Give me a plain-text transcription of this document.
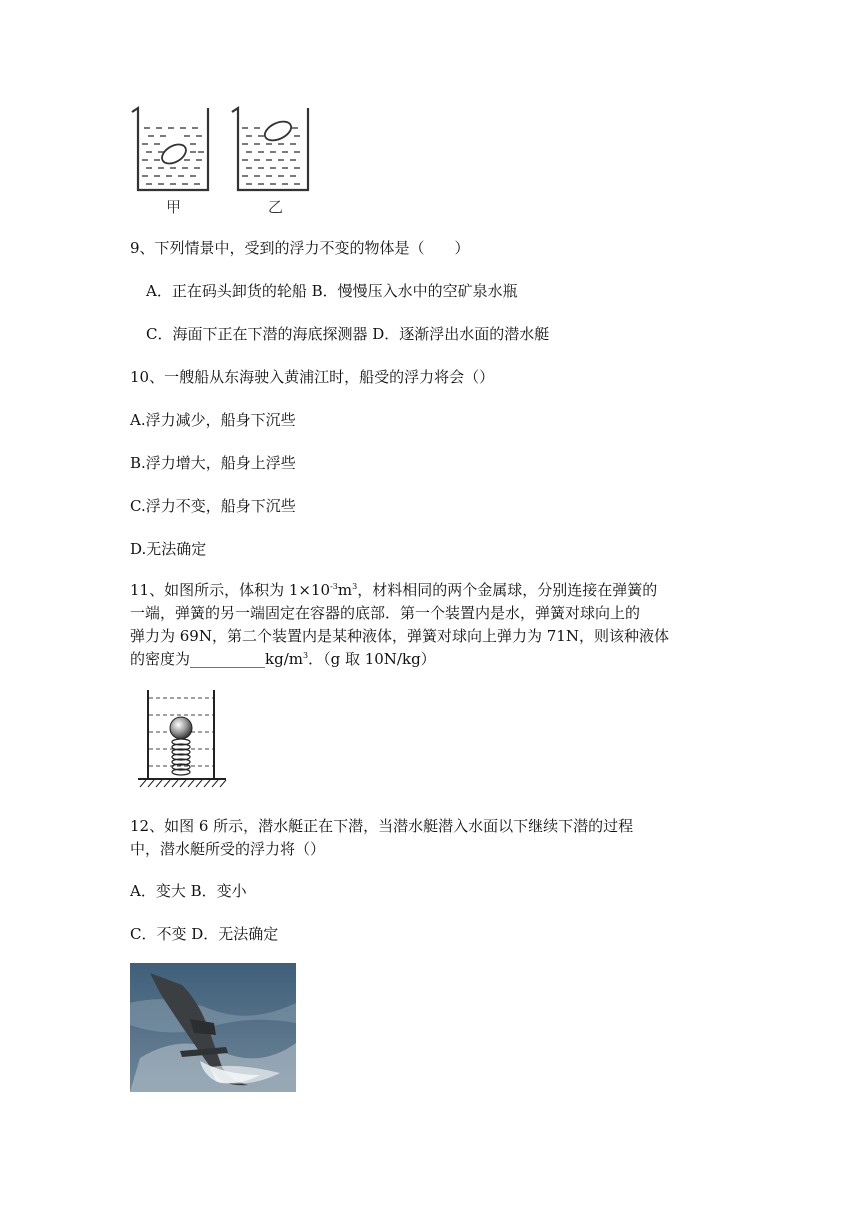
甲	乙
9、下列情景中，受到的浮力不变的物体是（　　）
A．正在码头卸货的轮船 B．慢慢压入水中的空矿泉水瓶
C．海面下正在下潜的海底探测器 D．逐渐浮出水面的潜水艇
10、一艘船从东海驶入黄浦江时，船受的浮力将会（）
A.浮力减少，船身下沉些
B.浮力增大，船身上浮些
C.浮力不变，船身下沉些
D.无法确定
11、如图所示，体积为 $1\times 10^{-3}m^3$，材料相同的两个金属球，分别连接在弹簧的
一端，弹簧的另一端固定在容器的底部．第一个装置内是水，弹簧对球向上的
弹力为 69N，第二个装置内是某种液体，弹簧对球向上弹力为 71N，则该种液体
的密度为$\_\_\_\_\_\_\_\_\_\_kg/m^3$．（g 取 10N/kg）
12、如图 6 所示，潜水艇正在下潜，当潜水艇潜入水面以下继续下潜的过程
中，潜水艇所受的浮力将（）
A．变大 B．变小
C．不变 D．无法确定
